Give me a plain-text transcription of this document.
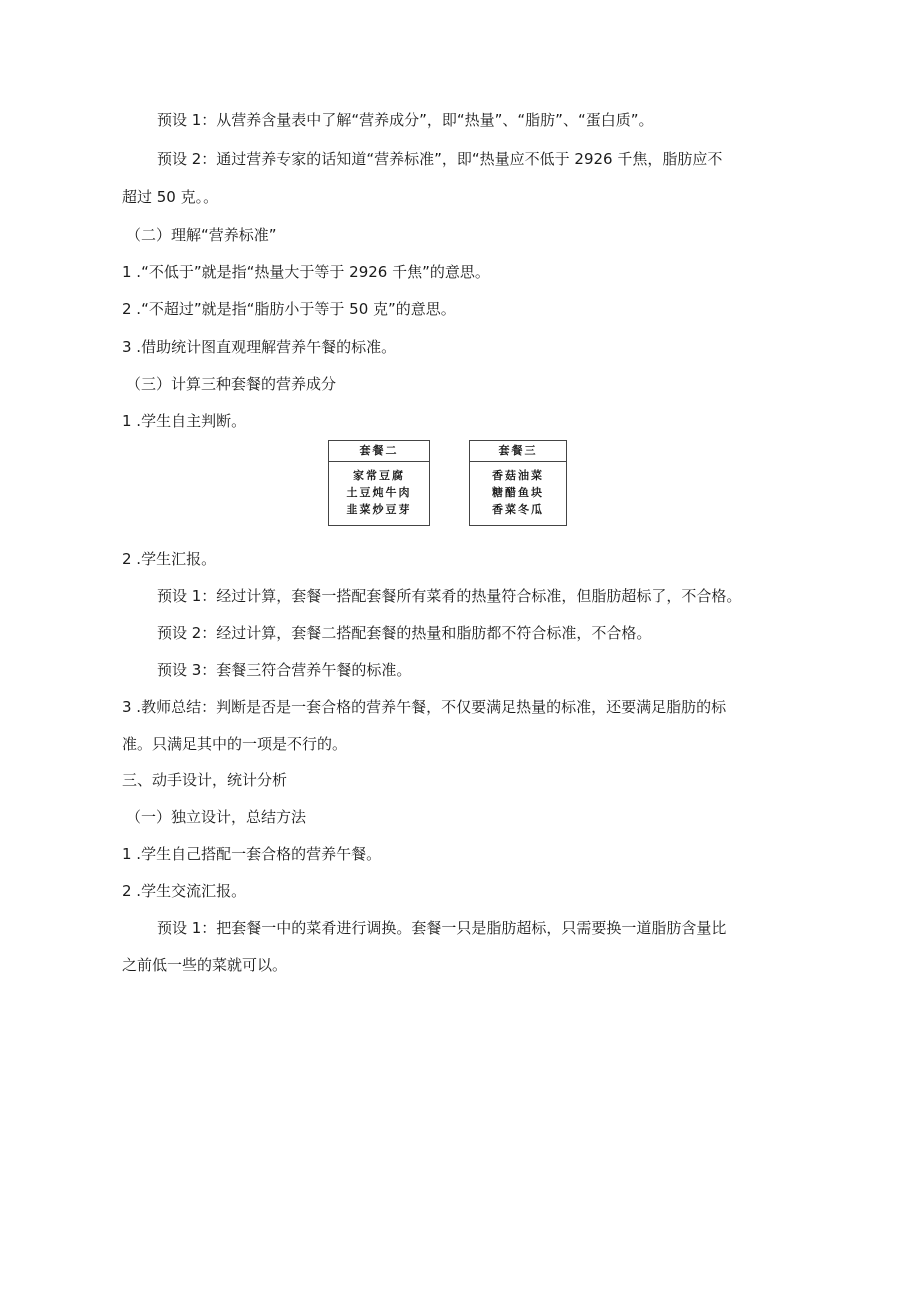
预设 1：从营养含量表中了解“营养成分”，即“热量”、“脂肪”、“蛋白质”。
预设 2：通过营养专家的话知道“营养标准”，即“热量应不低于 2926 千焦，脂肪应不
超过 50 克。。
（二）理解“营养标准”
1 .“不低于”就是指“热量大于等于 2926 千焦”的意思。
2 .“不超过”就是指“脂肪小于等于 50 克”的意思。
3 .借助统计图直观理解营养午餐的标准。
（三）计算三种套餐的营养成分
1 .学生自主判断。
套餐二
家常豆腐
土豆炖牛肉
韭菜炒豆芽
套餐三
香菇油菜
糖醋鱼块
香菜冬瓜
2 .学生汇报。
预设 1：经过计算，套餐一搭配套餐所有菜肴的热量符合标准，但脂肪超标了，不合格。
预设 2：经过计算，套餐二搭配套餐的热量和脂肪都不符合标准，不合格。
预设 3：套餐三符合营养午餐的标准。
3 .教师总结：判断是否是一套合格的营养午餐，不仅要满足热量的标准，还要满足脂肪的标
准。只满足其中的一项是不行的。
三、动手设计，统计分析
（一）独立设计，总结方法
1 .学生自己搭配一套合格的营养午餐。
2 .学生交流汇报。
预设 1：把套餐一中的菜肴进行调换。套餐一只是脂肪超标，只需要换一道脂肪含量比
之前低一些的菜就可以。
